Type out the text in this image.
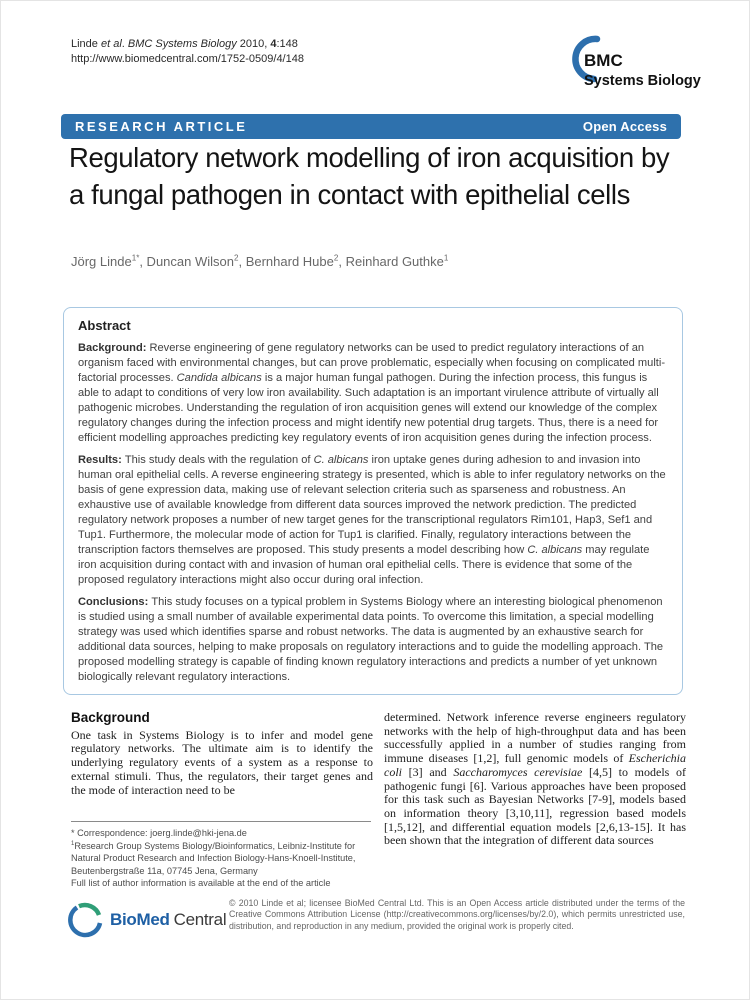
Linde et al. BMC Systems Biology 2010, 4:148
http://www.biomedcentral.com/1752-0509/4/148	BMC
Systems Biology
RESEARCH ARTICLE	Open Access
Regulatory network modelling of iron acquisition by a fungal pathogen in contact with epithelial cells
Jörg Linde$^{1*}$, Duncan Wilson$^2$, Bernhard Hube$^2$, Reinhard Guthke$^1$
Abstract

Background: Reverse engineering of gene regulatory networks can be used to predict regulatory interactions of an organism faced with environmental changes, but can prove problematic, especially when focusing on complicated multi-factorial processes. Candida albicans is a major human fungal pathogen. During the infection process, this fungus is able to adapt to conditions of very low iron availability. Such adaptation is an important virulence attribute of virtually all pathogenic microbes. Understanding the regulation of iron acquisition genes will extend our knowledge of the complex regulatory changes during the infection process and might identify new potential drug targets. Thus, there is a need for efficient modelling approaches predicting key regulatory events of iron acquisition genes during the infection process.

Results: This study deals with the regulation of C. albicans iron uptake genes during adhesion to and invasion into human oral epithelial cells. A reverse engineering strategy is presented, which is able to infer regulatory networks on the basis of gene expression data, making use of relevant selection criteria such as sparseness and robustness. An exhaustive use of available knowledge from different data sources improved the network prediction. The predicted regulatory network proposes a number of new target genes for the transcriptional regulators Rim101, Hap3, Sef1 and Tup1. Furthermore, the molecular mode of action for Tup1 is clarified. Finally, regulatory interactions between the transcription factors themselves are proposed. This study presents a model describing how C. albicans may regulate iron acquisition during contact with and invasion of human oral epithelial cells. There is evidence that some of the proposed regulatory interactions might also occur during oral infection.

Conclusions: This study focuses on a typical problem in Systems Biology where an interesting biological phenomenon is studied using a small number of available experimental data points. To overcome this limitation, a special modelling strategy was used which identifies sparse and robust networks. The data is augmented by an exhaustive search for additional data sources, helping to make proposals on regulatory interactions and to guide the modelling approach. The proposed modelling strategy is capable of finding known regulatory interactions and predicts a number of yet unknown biologically relevant regulatory interactions.

Background

One task in Systems Biology is to infer and model gene regulatory networks. The ultimate aim is to identify the underlying regulatory events of a system as a response to external stimuli. Thus, the regulators, their target genes and the mode of interaction need to be

determined. Network inference reverse engineers regulatory networks with the help of high-throughput data and has been successfully applied in a number of studies ranging from immune diseases [1,2], full genomic models of Escherichia coli [3] and Saccharomyces cerevisiae [4,5] to models of pathogenic fungi [6]. Various approaches have been proposed for this task such as Bayesian Networks [7-9], models based on information theory [3,10,11], regression based models [1,5,12], and differential equation models [2,6,13-15]. It has been shown that the integration of different data sources

* Correspondence: joerg.linde@hki-jena.de
$^1$Research Group Systems Biology/Bioinformatics, Leibniz-Institute for Natural Product Research and Infection Biology-Hans-Knoell-Institute, Beutenbergstraße 11a, 07745 Jena, Germany
Full list of author information is available at the end of the article
BioMed Central

© 2010 Linde et al; licensee BioMed Central Ltd. This is an Open Access article distributed under the terms of the Creative Commons Attribution License (http://creativecommons.org/licenses/by/2.0), which permits unrestricted use, distribution, and reproduction in any medium, provided the original work is properly cited.
